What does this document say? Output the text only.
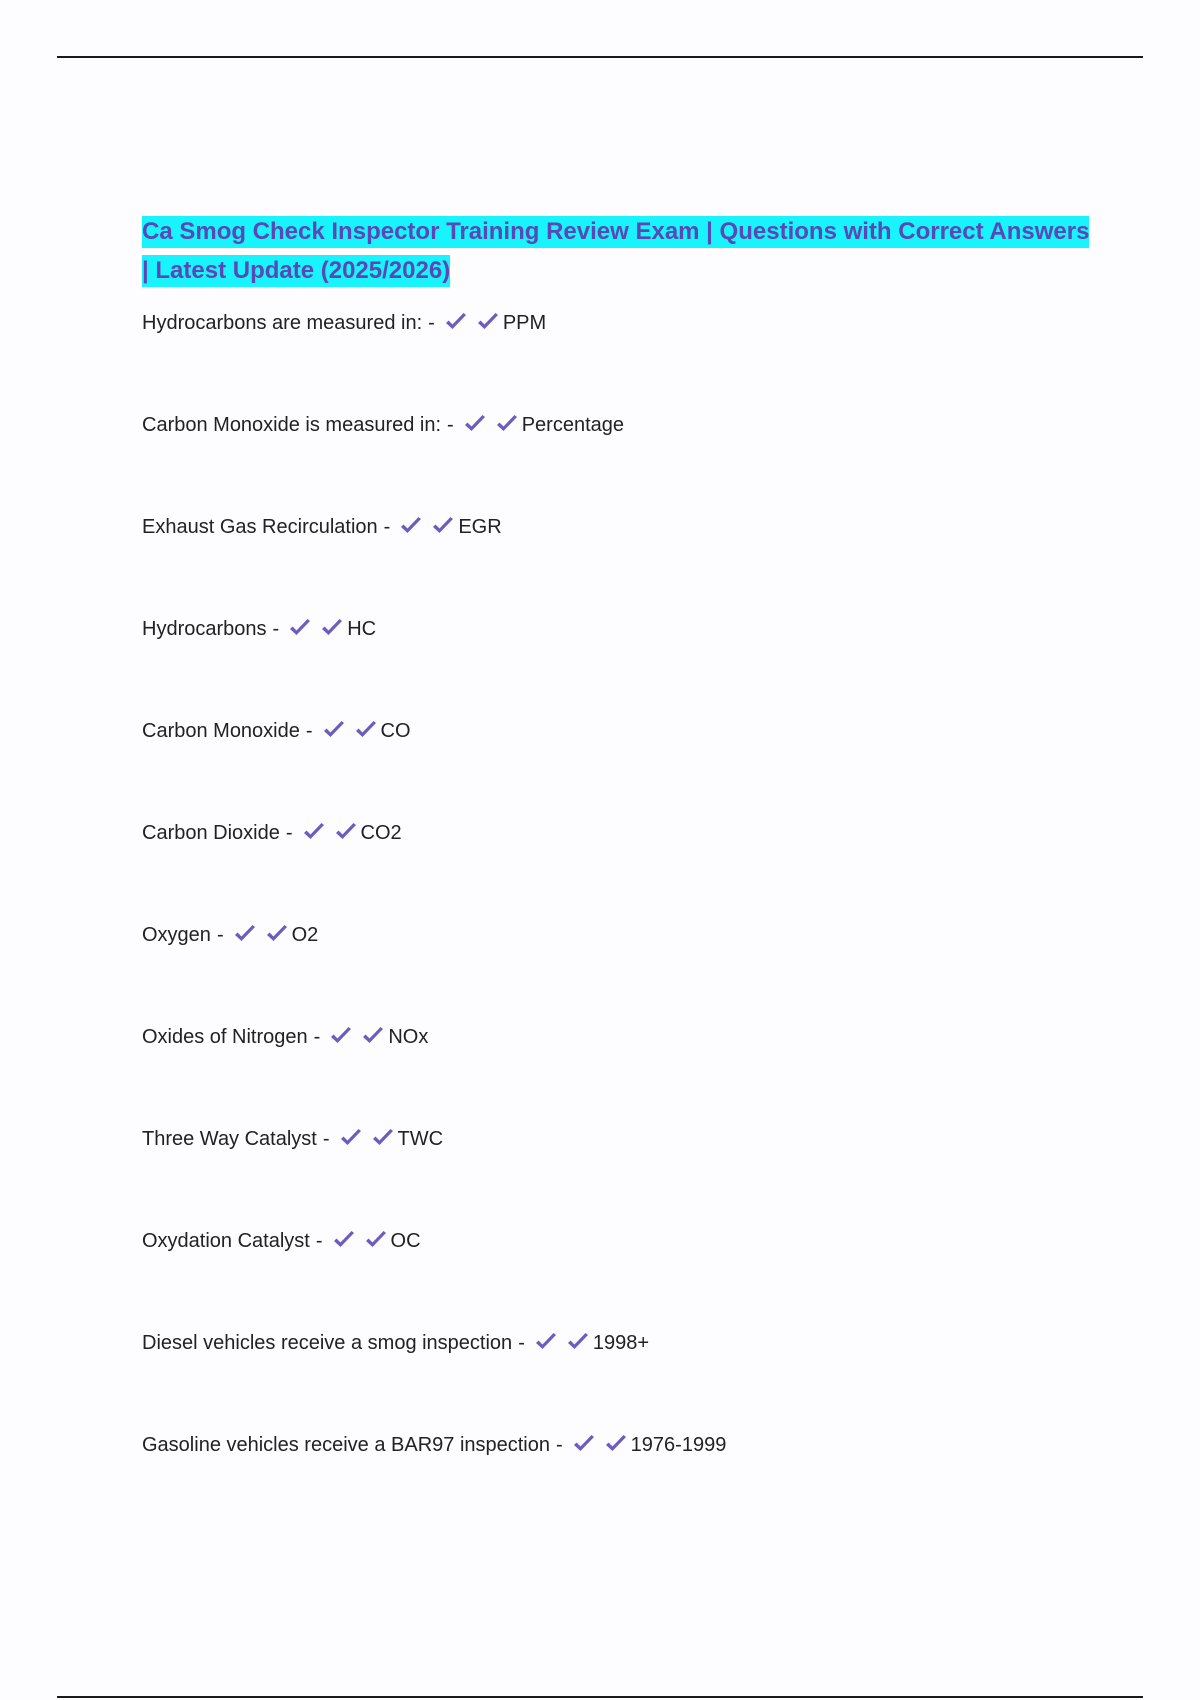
Ca Smog Check Inspector Training Review Exam | Questions with Correct Answers | Latest Update (2025/2026)
Hydrocarbons are measured in: -	PPM
Carbon Monoxide is measured in: -	Percentage
Exhaust Gas Recirculation -	EGR
Hydrocarbons -	HC
Carbon Monoxide -	CO
Carbon Dioxide -	CO2
Oxygen -	O2
Oxides of Nitrogen -	NOx
Three Way Catalyst -	TWC
Oxydation Catalyst -	OC
Diesel vehicles receive a smog inspection -	1998+
Gasoline vehicles receive a BAR97 inspection -	1976-1999
